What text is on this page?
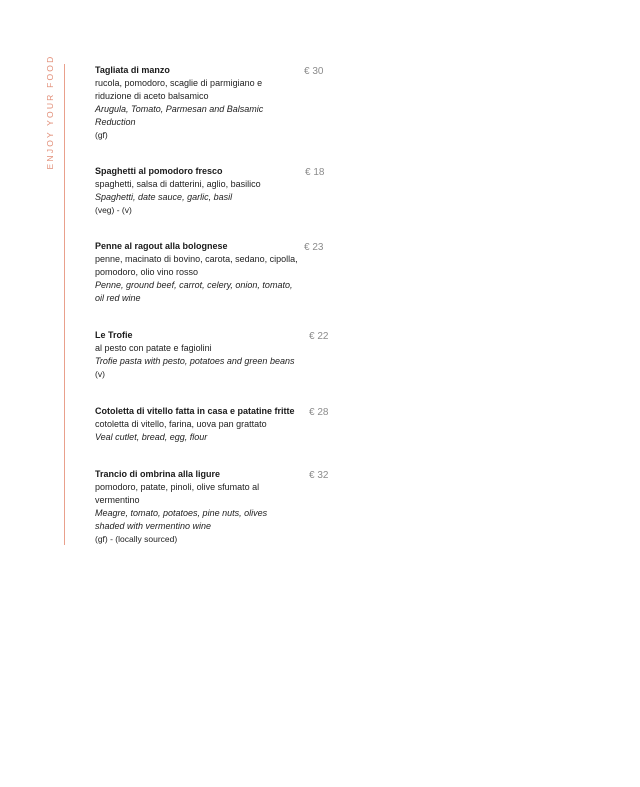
ENJOY YOUR FOOD	Tagliata di manzo
rucola, pomodoro, scaglie di parmigiano e riduzione di aceto balsamico
Arugula, Tomato, Parmesan and Balsamic Reduction
(gf)
€ 30
Spaghetti al pomodoro fresco
spaghetti, salsa di datterini, aglio, basilico
Spaghetti, date sauce, garlic, basil
(veg) - (v)
€ 18
Penne al ragout alla bolognese
penne, macinato di bovino, carota, sedano, cipolla, pomodoro, olio vino rosso
Penne, ground beef, carrot, celery, onion, tomato, oil red wine
€ 23
Le Trofie
al pesto con patate e fagiolini
Trofie pasta with pesto, potatoes and green beans
(v)
€ 22
Cotoletta di vitello fatta in casa e patatine fritte
cotoletta di vitello, farina, uova pan grattato
Veal cutlet, bread, egg, flour
€ 28
Trancio di ombrina alla ligure
pomodoro, patate, pinoli, olive sfumato al vermentino
Meagre, tomato, potatoes, pine nuts, olives shaded with vermentino wine
(gf) - (locally sourced)
€ 32
